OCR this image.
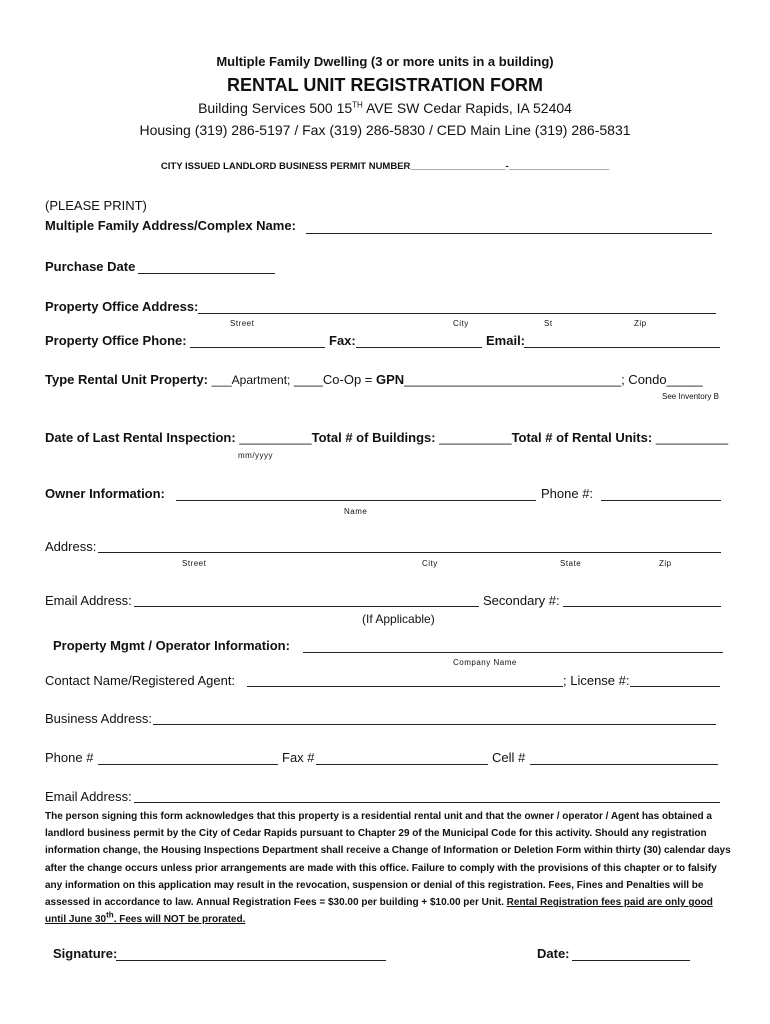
Multiple Family Dwelling (3 or more units in a building)
RENTAL UNIT REGISTRATION FORM
Building Services 500 15TH AVE SW Cedar Rapids, IA 52404
Housing (319) 286-5197 / Fax (319) 286-5830 / CED Main Line (319) 286-5831
CITY ISSUED LANDLORD BUSINESS PERMIT NUMBER__________________-___________________
(PLEASE PRINT)
Multiple Family Address/Complex Name:
Purchase Date
Property Office Address:
Street	City	St	Zip
Property Office Phone:	Fax:	Email:
Type Rental Unit Property: ___Apartment; ____Co-Op = GPN______________________________; Condo_____
See Inventory B
Date of Last Rental Inspection: __________Total # of Buildings: __________Total # of Rental Units: __________
mm/yyyy
Owner Information:
Name
Phone #:
Address:
Street	City	State	Zip
Email Address:	Secondary #:
(If Applicable)
Property Mgmt / Operator Information:
Company Name
Contact Name/Registered Agent:	; License #:
Business Address:
Phone #	Fax #	Cell #
Email Address:
The person signing this form acknowledges that this property is a residential rental unit and that the owner / operator / Agent has obtained a landlord business permit by the City of Cedar Rapids pursuant to Chapter 29 of the Municipal Code for this activity. Should any registration information change, the Housing Inspections Department shall receive a Change of Information or Deletion Form within thirty (30) calendar days after the change occurs unless prior arrangements are made with this office. Failure to comply with the provisions of this chapter or to falsify any information on this application may result in the revocation, suspension or denial of this registration. Fees, Fines and Penalties will be assessed in accordance to law. Annual Registration Fees = $30.00 per building + $10.00 per Unit. Rental Registration fees paid are only good until June 30th. Fees will NOT be prorated.
Signature:	Date:
